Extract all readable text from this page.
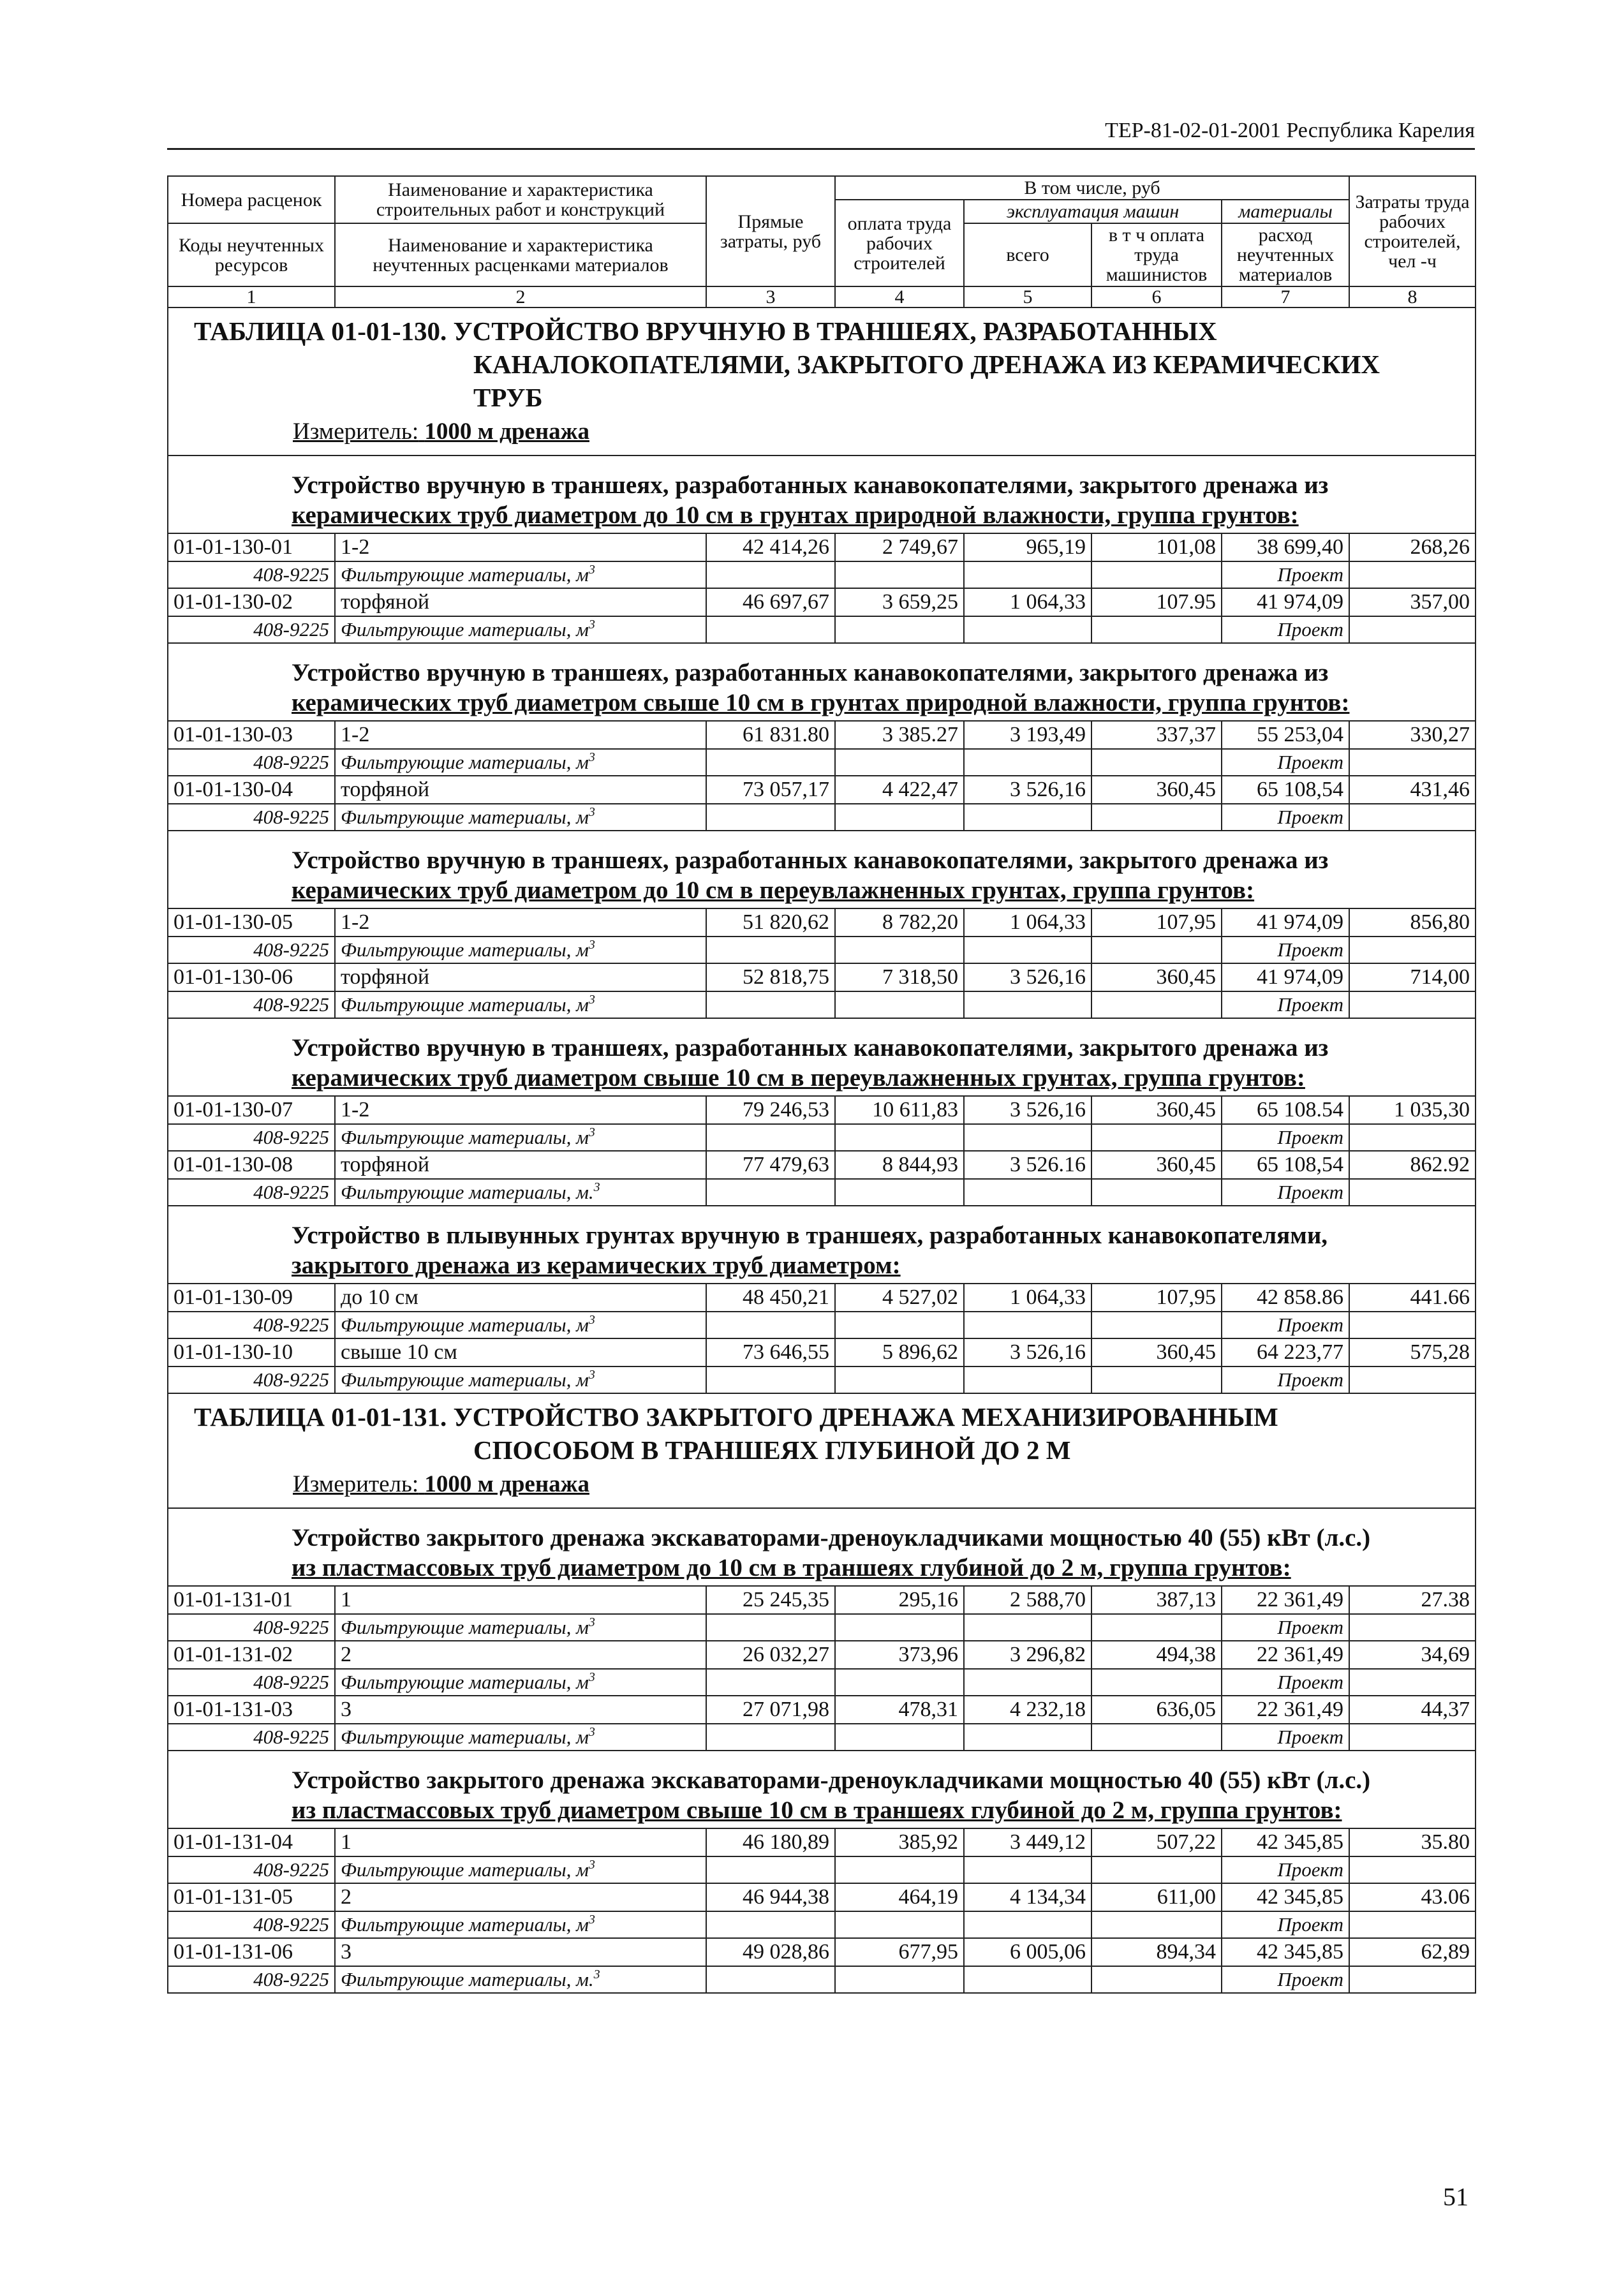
ТЕР-81-02-01-2001 Республика Карелия
Номера расценок	Наименование и характеристика строительных работ и конструкций	Прямые затраты, руб	В том числе, руб				Затраты труда рабочих строителей, чел -ч
			оплата труда рабочих строителей	эксплуатация машин		материалы	
Коды неучтенных ресурсов	Наименование и характеристика неучтенных расценками материалов			всего	в т ч оплата труда машинистов	расход неучтенных материалов	

1	2	3	4	5	6	7	8

ТАБЛИЦА 01-01-130. УСТРОЙСТВО ВРУЧНУЮ В ТРАНШЕЯХ, РАЗРАБОТАННЫХ
КАНАЛОКОПАТЕЛЯМИ, ЗАКРЫТОГО ДРЕНАЖА ИЗ КЕРАМИЧЕСКИХ
ТРУБ
Измеритель: 1000 м дренажа							

Устройство вручную в траншеях, разработанных канавокопателями, закрытого дренажа из
керамических труб диаметром до 10 см в грунтах природной влажности, группа грунтов:							

01-01-130-01	1-2	42 414,26	2 749,67	965,19	101,08	38 699,40	268,26
408-9225	Фильтрующие материалы, $м^3$					Проект	
01-01-130-02	торфяной	46 697,67	3 659,25	1 064,33	107.95	41 974,09	357,00
408-9225	Фильтрующие материалы, $м^3$					Проект	

Устройство вручную в траншеях, разработанных канавокопателями, закрытого дренажа из
керамических труб диаметром свыше 10 см в грунтах природной влажности, группа грунтов:							

01-01-130-03	1-2	61 831.80	3 385.27	3 193,49	337,37	55 253,04	330,27
408-9225	Фильтрующие материалы, $м^3$					Проект	
01-01-130-04	торфяной	73 057,17	4 422,47	3 526,16	360,45	65 108,54	431,46
408-9225	Фильтрующие материалы, $м^3$					Проект	

Устройство вручную в траншеях, разработанных канавокопателями, закрытого дренажа из
керамических труб диаметром до 10 см в переувлажненных грунтах, группа грунтов:							

01-01-130-05	1-2	51 820,62	8 782,20	1 064,33	107,95	41 974,09	856,80
408-9225	Фильтрующие материалы, $м^3$					Проект	
01-01-130-06	торфяной	52 818,75	7 318,50	3 526,16	360,45	41 974,09	714,00
408-9225	Фильтрующие материалы, $м^3$					Проект	

Устройство вручную в траншеях, разработанных канавокопателями, закрытого дренажа из
керамических труб диаметром свыше 10 см в переувлажненных грунтах, группа грунтов:							

01-01-130-07	1-2	79 246,53	10 611,83	3 526,16	360,45	65 108.54	1 035,30
408-9225	Фильтрующие материалы, $м^3$					Проект	
01-01-130-08	торфяной	77 479,63	8 844,93	3 526.16	360,45	65 108,54	862.92
408-9225	Фильтрующие материалы, м.$^3$					Проект	

Устройство в плывунных грунтах вручную в траншеях, разработанных канавокопателями,
закрытого дренажа из керамических труб диаметром:							

01-01-130-09	до 10 см	48 450,21	4 527,02	1 064,33	107,95	42 858.86	441.66
408-9225	Фильтрующие материалы, $м^3$					Проект	
01-01-130-10	свыше 10 см	73 646,55	5 896,62	3 526,16	360,45	64 223,77	575,28
408-9225	Фильтрующие материалы, $м^3$					Проект	

ТАБЛИЦА 01-01-131. УСТРОЙСТВО ЗАКРЫТОГО ДРЕНАЖА МЕХАНИЗИРОВАННЫМ
СПОСОБОМ В ТРАНШЕЯХ ГЛУБИНОЙ ДО 2 М
Измеритель: 1000 м дренажа							

Устройство закрытого дренажа экскаваторами-дреноукладчиками мощностью 40 (55) кВт (л.с.)
из пластмассовых труб диаметром до 10 см в траншеях глубиной до 2 м, группа грунтов:							

01-01-131-01	1	25 245,35	295,16	2 588,70	387,13	22 361,49	27.38
408-9225	Фильтрующие материалы, $м^3$					Проект	
01-01-131-02	2	26 032,27	373,96	3 296,82	494,38	22 361,49	34,69
408-9225	Фильтрующие материалы, $м^3$					Проект	
01-01-131-03	3	27 071,98	478,31	4 232,18	636,05	22 361,49	44,37
408-9225	Фильтрующие материалы, $м^3$					Проект	

Устройство закрытого дренажа экскаваторами-дреноукладчиками мощностью 40 (55) кВт (л.с.)
из пластмассовых труб диаметром свыше 10 см в траншеях глубиной до 2 м, группа грунтов:							

01-01-131-04	1	46 180,89	385,92	3 449,12	507,22	42 345,85	35.80
408-9225	Фильтрующие материалы, $м^3$					Проект	
01-01-131-05	2	46 944,38	464,19	4 134,34	611,00	42 345,85	43.06
408-9225	Фильтрующие материалы, $м^3$					Проект	
01-01-131-06	3	49 028,86	677,95	6 005,06	894,34	42 345,85	62,89
408-9225	Фильтрующие материалы, м.$^3$					Проект	
51
